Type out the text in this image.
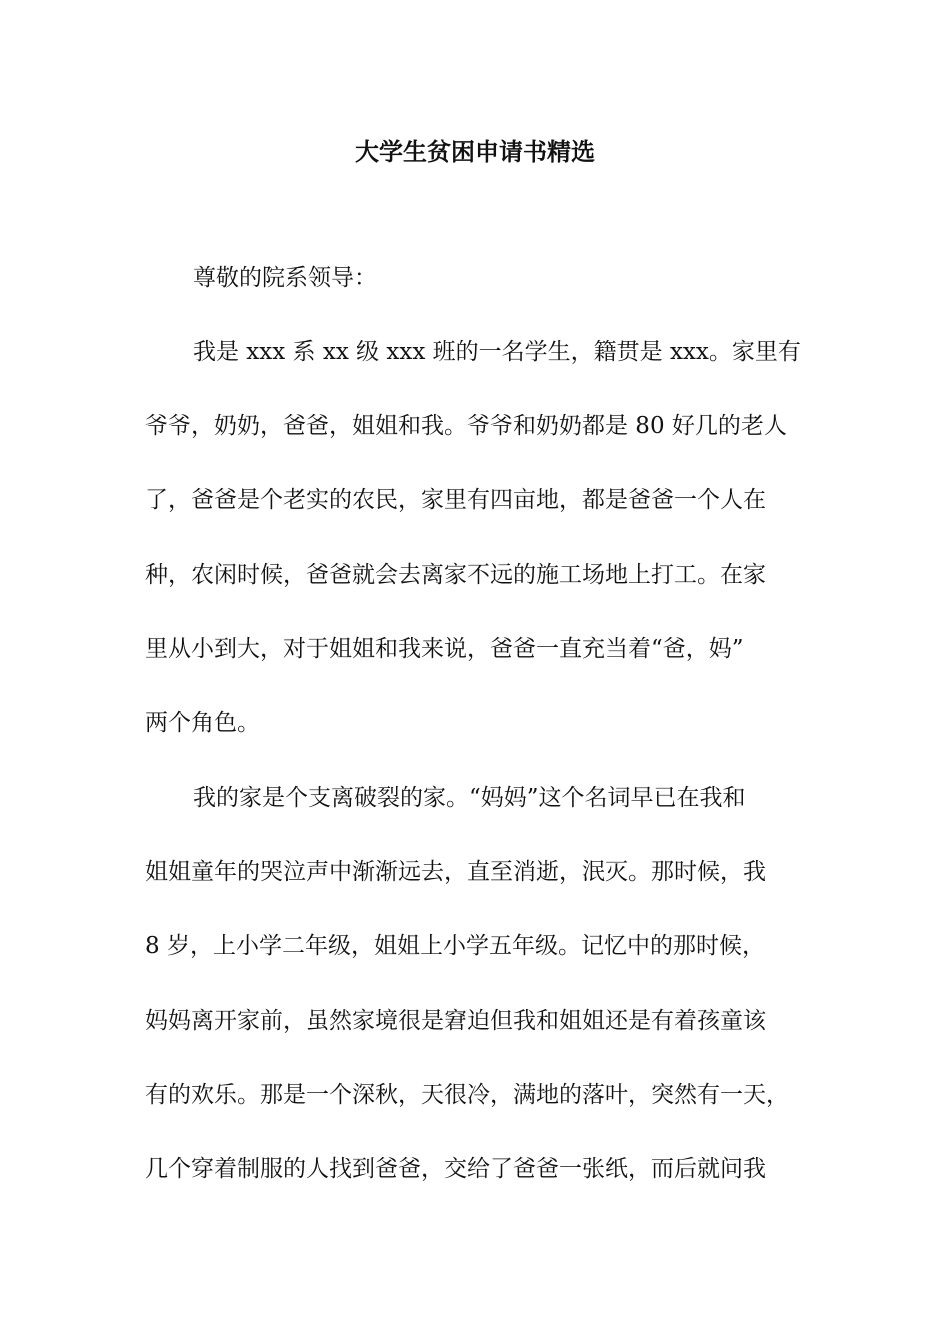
大学生贫困申请书精选
尊敬的院系领导：
我是 xxx 系 xx 级 xxx 班的一名学生，籍贯是 xxx。家里有
爷爷，奶奶，爸爸，姐姐和我。爷爷和奶奶都是 80 好几的老人
了，爸爸是个老实的农民，家里有四亩地，都是爸爸一个人在
种，农闲时候，爸爸就会去离家不远的施工场地上打工。在家
里从小到大，对于姐姐和我来说，爸爸一直充当着“爸，妈”
两个角色。
我的家是个支离破裂的家。“妈妈”这个名词早已在我和
姐姐童年的哭泣声中渐渐远去，直至消逝，泯灭。那时候，我
8 岁，上小学二年级，姐姐上小学五年级。记忆中的那时候，
妈妈离开家前，虽然家境很是窘迫但我和姐姐还是有着孩童该
有的欢乐。那是一个深秋，天很冷，满地的落叶，突然有一天，
几个穿着制服的人找到爸爸，交给了爸爸一张纸，而后就问我
